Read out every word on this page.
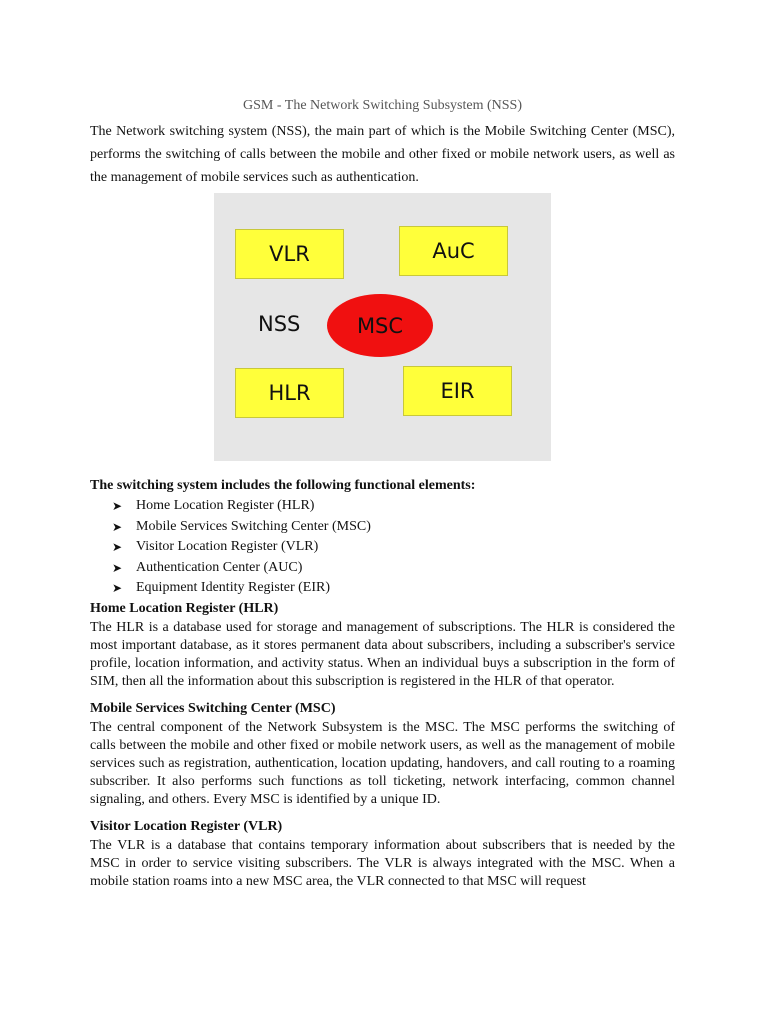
GSM - The Network Switching Subsystem (NSS)

The Network switching system (NSS), the main part of which is the Mobile Switching Center (MSC), performs the switching of calls between the mobile and other fixed or mobile network users, as well as the management of mobile services such as authentication.

VLR	AuC
NSS	MSC
HLR	EIR

The switching system includes the following functional elements:

➤ Home Location Register (HLR)
➤ Mobile Services Switching Center (MSC)
➤ Visitor Location Register (VLR)
➤ Authentication Center (AUC)
➤ Equipment Identity Register (EIR)

Home Location Register (HLR)

The HLR is a database used for storage and management of subscriptions. The HLR is considered the most important database, as it stores permanent data about subscribers, including a subscriber's service profile, location information, and activity status. When an individual buys a subscription in the form of SIM, then all the information about this subscription is registered in the HLR of that operator.

Mobile Services Switching Center (MSC)

The central component of the Network Subsystem is the MSC. The MSC performs the switching of calls between the mobile and other fixed or mobile network users, as well as the management of mobile services such as registration, authentication, location updating, handovers, and call routing to a roaming subscriber. It also performs such functions as toll ticketing, network interfacing, common channel signaling, and others. Every MSC is identified by a unique ID.

Visitor Location Register (VLR)

The VLR is a database that contains temporary information about subscribers that is needed by the MSC in order to service visiting subscribers. The VLR is always integrated with the MSC. When a mobile station roams into a new MSC area, the VLR connected to that MSC will request
